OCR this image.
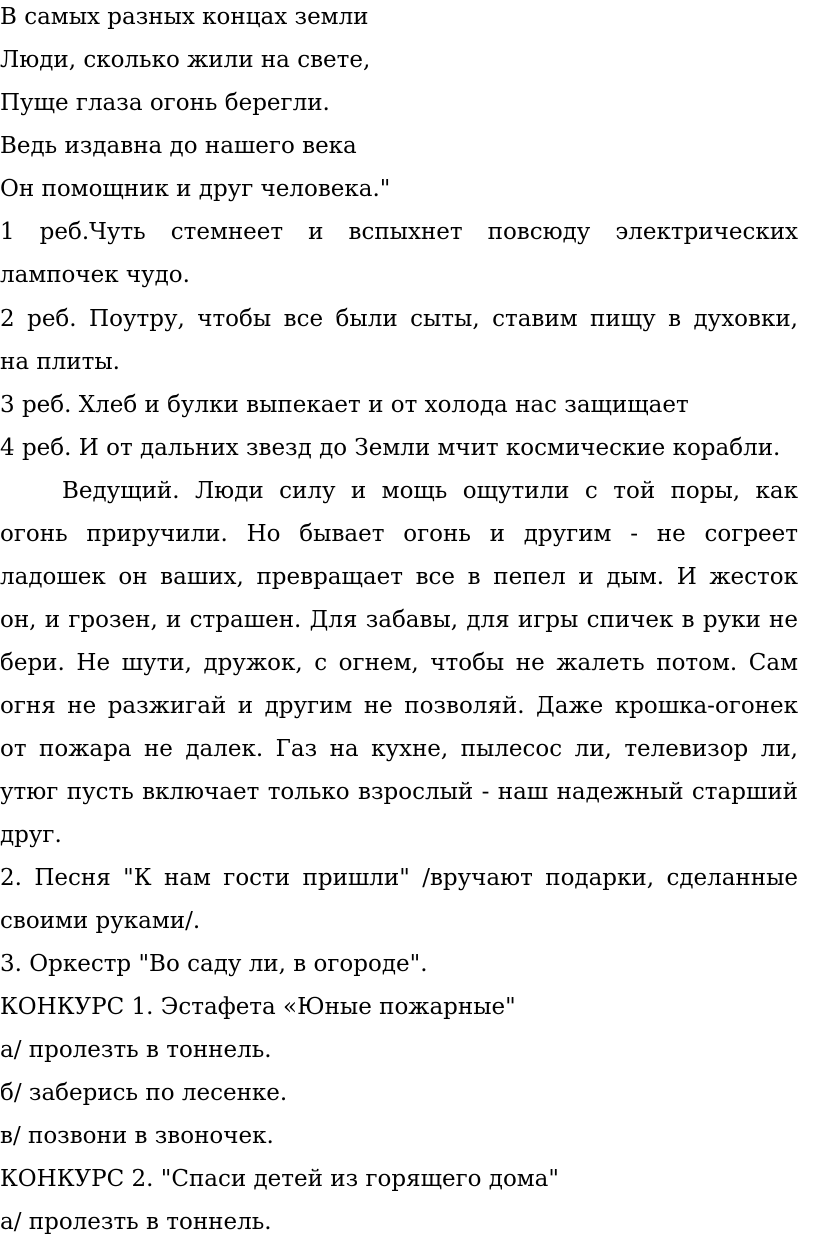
В самых разных концах земли

Люди, сколько жили на свете,

Пуще глаза огонь берегли.

Ведь издавна до нашего века

Он помощник и друг человека."

1 реб.Чуть стемнеет и вспыхнет повсюду электрических

лампочек чудо.

2 реб. Поутру, чтобы все были сыты, ставим пищу в духовки,

на плиты.

3 реб. Хлеб и булки выпекает и от холода нас защищает

4 реб. И от дальних звезд до Земли мчит космические корабли.

Ведущий. Люди силу и мощь ощутили с той поры, как

огонь приручили. Но бывает огонь и другим - не согреет

ладошек он ваших, превращает все в пепел и дым. И жесток

он, и грозен, и страшен. Для забавы, для игры спичек в руки не

бери. Не шути, дружок, с огнем, чтобы не жалеть потом. Сам

огня не разжигай и другим не позволяй. Даже крошка-огонек

от пожара не далек. Газ на кухне, пылесос ли, телевизор ли,

утюг пусть включает только взрослый - наш надежный старший

друг.

2. Песня "К нам гости пришли" /вручают подарки, сделанные

своими руками/.

3. Оркестр "Во саду ли, в огороде".

КОНКУРС 1. Эстафета «Юные пожарные"

а/ пролезть в тоннель.

б/ заберись по лесенке.

в/ позвони в звоночек.

КОНКУРС 2. "Спаси детей из горящего дома"

а/ пролезть в тоннель.
